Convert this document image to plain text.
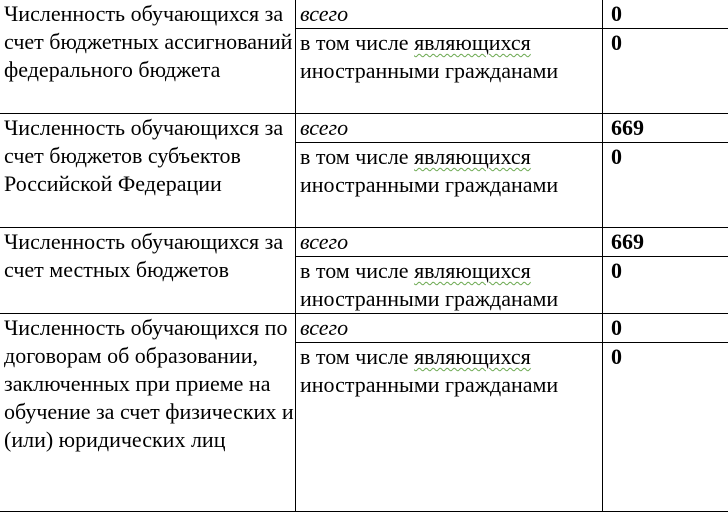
Численность обучающихся за счет бюджетных ассигнований федерального бюджета	всего	0
	в том числе являющихся иностранными гражданами	0
Численность обучающихся за счет бюджетов субъектов Российской Федерации	всего	669
	в том числе являющихся иностранными гражданами	0
Численность обучающихся за счет местных бюджетов	всего	669
	в том числе являющихся иностранными гражданами	0
Численность обучающихся по договорам об образовании, заключенных при приеме на обучение за счет физических и (или) юридических лиц	всего	0
	в том числе являющихся иностранными гражданами	0
